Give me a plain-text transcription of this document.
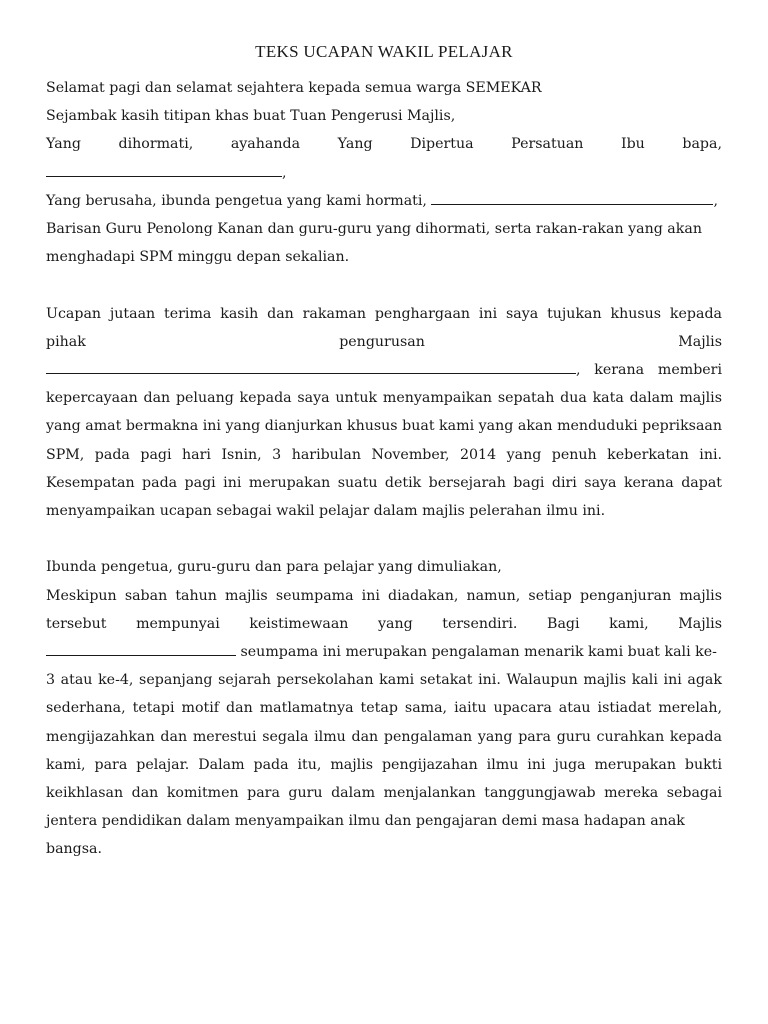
TEKS UCAPAN WAKIL PELAJAR

Selamat pagi dan selamat sejahtera kepada semua warga SEMEKAR

Sejambak kasih titipan khas buat Tuan Pengerusi Majlis,

Yang	dihormati,	ayahanda	Yang	Dipertua	Persatuan	Ibu	bapa,

,

Yang berusaha, ibunda pengetua yang kami hormati,	,

Barisan Guru Penolong Kanan dan guru-guru yang dihormati, serta rakan-rakan yang akan

menghadapi SPM minggu depan sekalian.

Ucapan jutaan terima kasih dan rakaman penghargaan ini saya tujukan khusus kepada

pihak	pengurusan	Majlis
, kerana memberi

kepercayaan dan peluang kepada saya untuk menyampaikan sepatah dua kata dalam majlis yang amat bermakna ini yang dianjurkan khusus buat kami yang akan menduduki pepriksaan SPM, pada pagi hari Isnin, 3 haribulan November, 2014 yang penuh keberkatan ini. Kesempatan pada pagi ini merupakan suatu detik bersejarah bagi diri saya kerana dapat menyampaikan ucapan sebagai wakil pelajar dalam majlis pelerahan ilmu ini.

Ibunda pengetua, guru-guru dan para pelajar yang dimuliakan,

Meskipun saban tahun majlis seumpama ini diadakan, namun, setiap penganjuran majlis

tersebut mempunyai keistimewaan yang tersendiri. Bagi kami, Majlis

seumpama ini merupakan pengalaman menarik kami buat kali ke-

3 atau ke-4, sepanjang sejarah persekolahan kami setakat ini. Walaupun majlis kali ini agak sederhana, tetapi motif dan matlamatnya tetap sama, iaitu upacara atau istiadat merelah, mengijazahkan dan merestui segala ilmu dan pengalaman yang para guru curahkan kepada kami, para pelajar. Dalam pada itu, majlis pengijazahan ilmu ini juga merupakan bukti keikhlasan dan komitmen para guru dalam menjalankan tanggungjawab mereka sebagai jentera pendidikan dalam menyampaikan ilmu dan pengajaran demi masa hadapan anak

bangsa.
